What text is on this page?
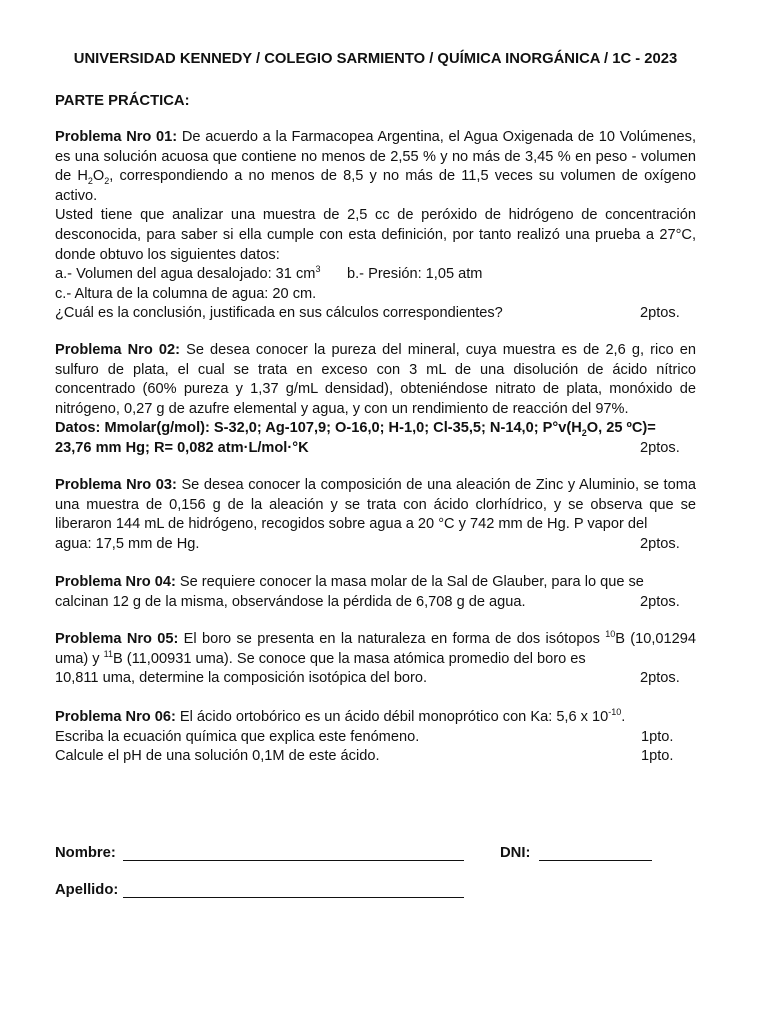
UNIVERSIDAD KENNEDY / COLEGIO SARMIENTO / QUÍMICA INORGÁNICA / 1C - 2023
PARTE PRÁCTICA:

Problema Nro 01: De acuerdo a la Farmacopea Argentina, el Agua Oxigenada de 10 Volúmenes, es una solución acuosa que contiene no menos de 2,55 % y no más de 3,45 % en peso - volumen de $H_2O_2$, correspondiendo a no menos de 8,5 y no más de 11,5 veces su volumen de oxígeno activo.

Usted tiene que analizar una muestra de 2,5 cc de peróxido de hidrógeno de concentración desconocida, para saber si ella cumple con esta definición, por tanto realizó una prueba a 27°C, donde obtuvo los siguientes datos:

a.- Volumen del agua desalojado: 31 $cm^3$ b.- Presión: 1,05 atm
c.- Altura de la columna de agua: 20 cm.
¿Cuál es la conclusión, justificada en sus cálculos correspondientes?	2ptos.

Problema Nro 02: Se desea conocer la pureza del mineral, cuya muestra es de 2,6 g, rico en sulfuro de plata, el cual se trata en exceso con 3 mL de una disolución de ácido nítrico concentrado (60% pureza y 1,37 g/mL densidad), obteniéndose nitrato de plata, monóxido de nitrógeno, 0,27 g de azufre elemental y agua, y con un rendimiento de reacción del 97%.

Datos: Mmolar(g/mol): S-32,0; Ag-107,9; O-16,0; H-1,0; Cl-35,5; N-14,0; $P^\circ v(H_2O$, 25 ºC)=

23,76 mm Hg; R= 0,082 atm·L/mol·°K	2ptos.

Problema Nro 03: Se desea conocer la composición de una aleación de Zinc y Aluminio, se toma una muestra de 0,156 g de la aleación y se trata con ácido clorhídrico, y se observa que se liberaron 144 mL de hidrógeno, recogidos sobre agua a 20 °C y 742 mm de Hg. P vapor del

agua: 17,5 mm de Hg.	2ptos.

Problema Nro 04: Se requiere conocer la masa molar de la Sal de Glauber, para lo que se

calcinan 12 g de la misma, observándose la pérdida de 6,708 g de agua.	2ptos.

Problema Nro 05: El boro se presenta en la naturaleza en forma de dos isótopos $^{10}$B (10,01294 uma) y $^{11}$B (11,00931 uma). Se conoce que la masa atómica promedio del boro es

10,811 uma, determine la composición isotópica del boro.	2ptos.
Problema Nro 06: El ácido ortobórico es un ácido débil monoprótico con Ka: 5,6 x $10^{-10}$.
Escriba la ecuación química que explica este fenómeno.	1pto.
Calcule el pH de una solución 0,1M de este ácido.	1pto.
Nombre:	DNI:
Apellido:
